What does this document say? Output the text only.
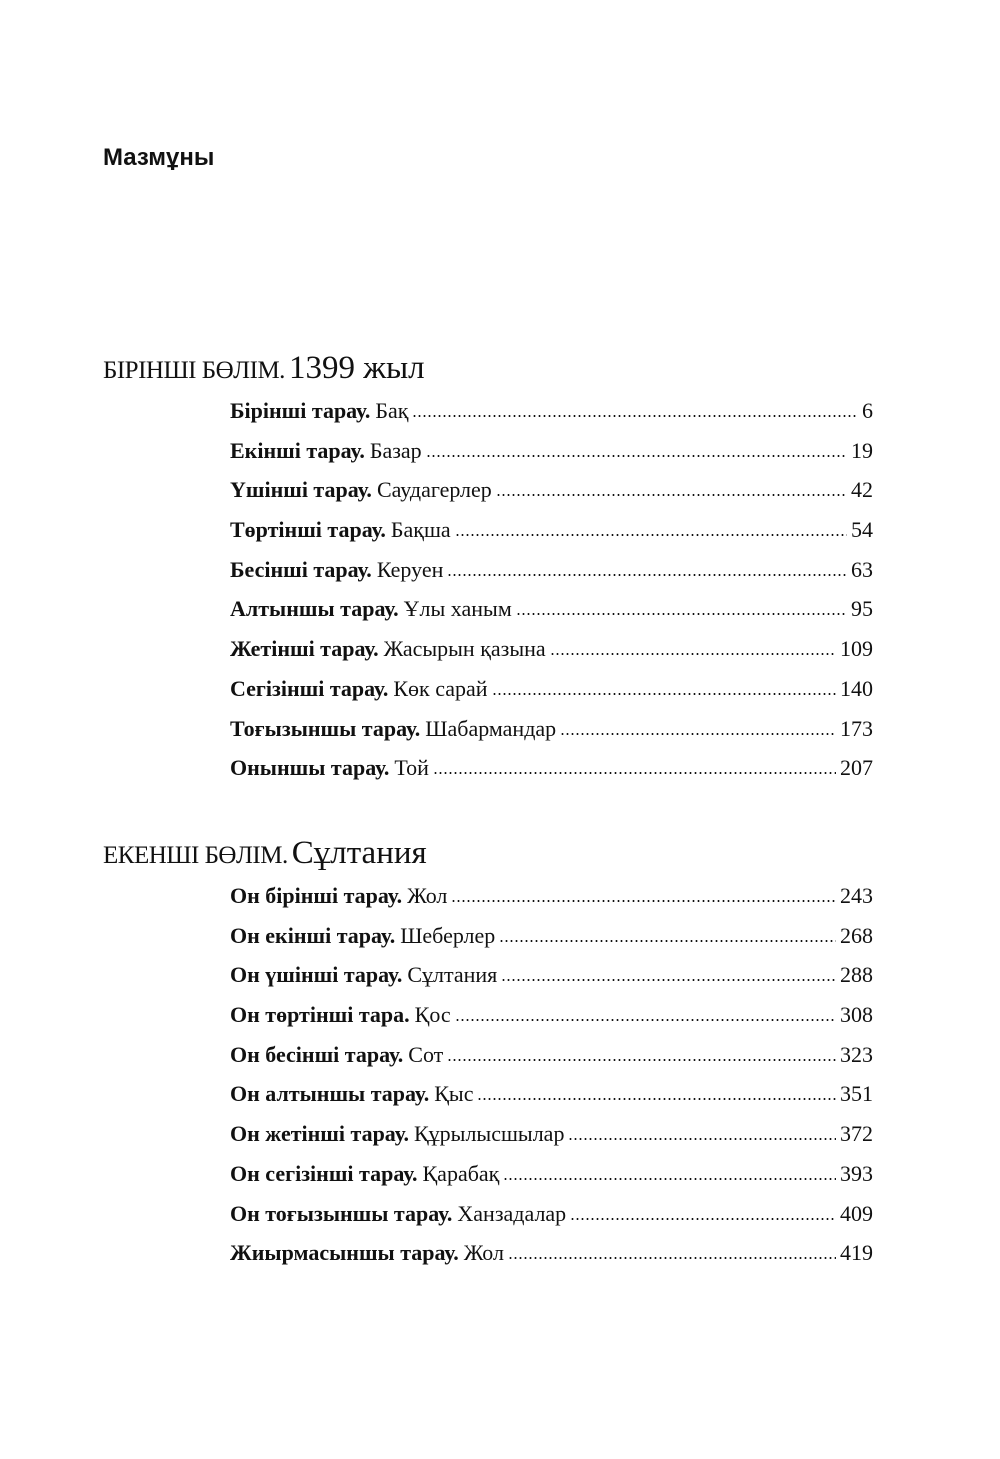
Мазмұны
БІРІНШІ БӨЛІМ. 1399 жыл
Бірінші тарау. Бақ	6
Екінші тарау. Базар	19
Үшінші тарау. Саудагерлер	42
Төртінші тарау. Бақша	54
Бесінші тарау. Керуен	63
Алтыншы тарау. Ұлы ханым	95
Жетінші тарау. Жасырын қазына	109
Сегізінші тарау. Көк сарай	140
Тоғызыншы тарау. Шабармандар	173
Оныншы тарау. Той	207
ЕКЕНШІ БӨЛІМ. Сұлтания
Он бірінші тарау. Жол	243
Он екінші тарау. Шеберлер	268
Он үшінші тарау. Сұлтания	288
Он төртінші тара. Қос	308
Он бесінші тарау. Сот	323
Он алтыншы тарау. Қыс	351
Он жетінші тарау. Құрылысшылар	372
Он сегізінші тарау. Қарабақ	393
Он тоғызыншы тарау. Ханзадалар	409
Жиырмасыншы тарау. Жол	419
